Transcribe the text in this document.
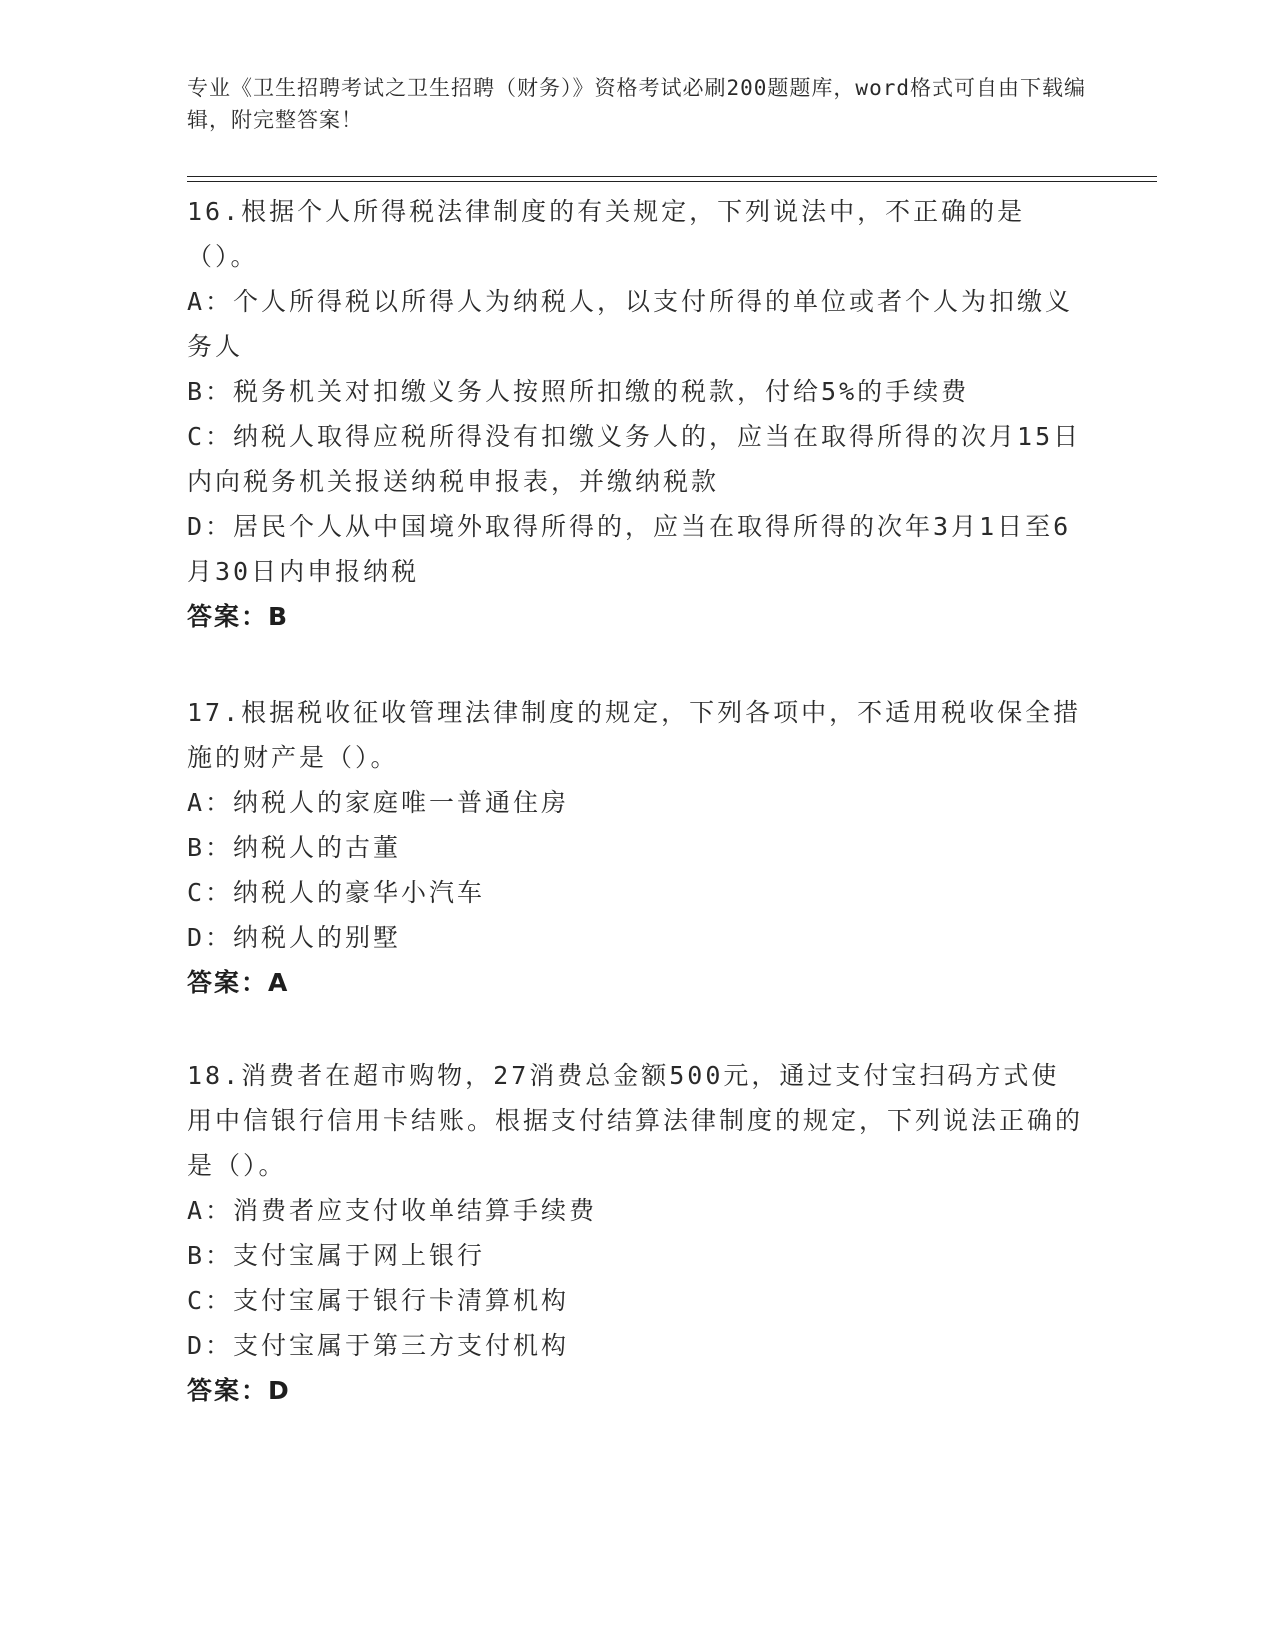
专业《卫生招聘考试之卫生招聘（财务）》资格考试必刷200题题库，word格式可自由下载编辑，附完整答案！

16.根据个人所得税法律制度的有关规定，下列说法中，不正确的是（）。

A：个人所得税以所得人为纳税人，以支付所得的单位或者个人为扣缴义务人

B：税务机关对扣缴义务人按照所扣缴的税款，付给5%的手续费

C：纳税人取得应税所得没有扣缴义务人的，应当在取得所得的次月15日内向税务机关报送纳税申报表，并缴纳税款

D：居民个人从中国境外取得所得的，应当在取得所得的次年3月1日至6月30日内申报纳税

答案：B

17.根据税收征收管理法律制度的规定，下列各项中，不适用税收保全措施的财产是（）。

A：纳税人的家庭唯一普通住房

B：纳税人的古董

C：纳税人的豪华小汽车

D：纳税人的别墅

答案：A

18.消费者在超市购物，27消费总金额500元，通过支付宝扫码方式使用中信银行信用卡结账。根据支付结算法律制度的规定，下列说法正确的是（）。

A：消费者应支付收单结算手续费

B：支付宝属于网上银行

C：支付宝属于银行卡清算机构

D：支付宝属于第三方支付机构

答案：D
